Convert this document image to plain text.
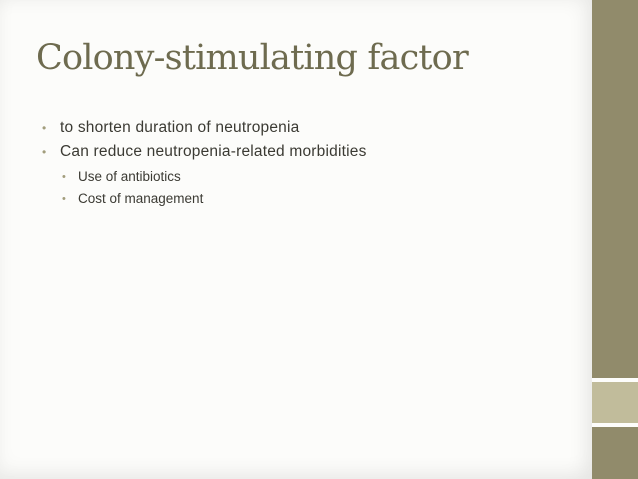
Colony-stimulating factor
• to shorten duration of neutropenia
• Can reduce neutropenia-related morbidities
• Use of antibiotics
• Cost of management
